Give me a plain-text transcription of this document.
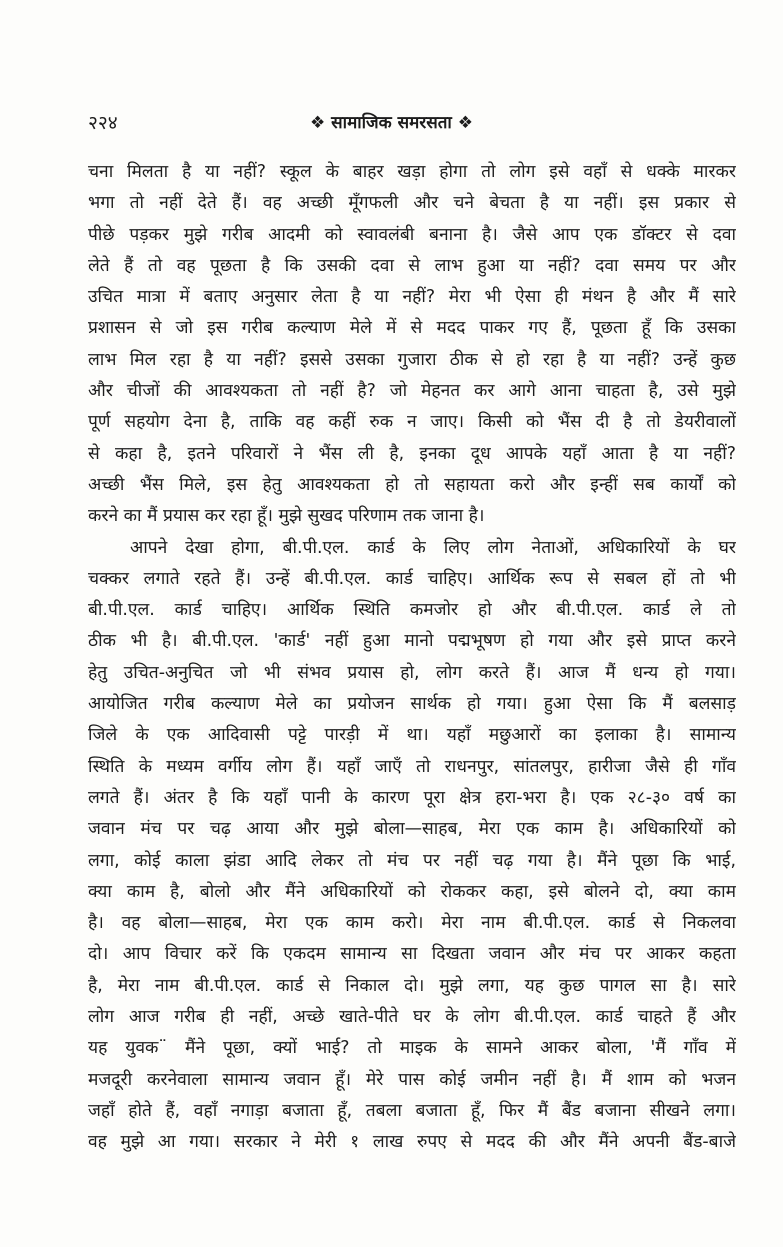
२२४	❖ सामाजिक समरसता ❖
चना मिलता है या नहीं? स्कूल के बाहर खड़ा होगा तो लोग इसे वहाँ से धक्के मारकर
भगा तो नहीं देते हैं। वह अच्छी मूँगफली और चने बेचता है या नहीं। इस प्रकार से
पीछे पड़कर मुझे गरीब आदमी को स्वावलंबी बनाना है। जैसे आप एक डॉक्टर से दवा
लेते हैं तो वह पूछता है कि उसकी दवा से लाभ हुआ या नहीं? दवा समय पर और
उचित मात्रा में बताए अनुसार लेता है या नहीं? मेरा भी ऐसा ही मंथन है और मैं सारे
प्रशासन से जो इस गरीब कल्याण मेले में से मदद पाकर गए हैं, पूछता हूँ कि उसका
लाभ मिल रहा है या नहीं? इससे उसका गुजारा ठीक से हो रहा है या नहीं? उन्हें कुछ
और चीजों की आवश्यकता तो नहीं है? जो मेहनत कर आगे आना चाहता है, उसे मुझे
पूर्ण सहयोग देना है, ताकि वह कहीं रुक न जाए। किसी को भैंस दी है तो डेयरीवालों
से कहा है, इतने परिवारों ने भैंस ली है, इनका दूध आपके यहाँ आता है या नहीं?
अच्छी भैंस मिले, इस हेतु आवश्यकता हो तो सहायता करो और इन्हीं सब कार्यों को
करने का मैं प्रयास कर रहा हूँ। मुझे सुखद परिणाम तक जाना है।
आपने देखा होगा, बी.पी.एल. कार्ड के लिए लोग नेताओं, अधिकारियों के घर
चक्कर लगाते रहते हैं। उन्हें बी.पी.एल. कार्ड चाहिए। आर्थिक रूप से सबल हों तो भी
बी.पी.एल. कार्ड चाहिए। आर्थिक स्थिति कमजोर हो और बी.पी.एल. कार्ड ले तो
ठीक भी है। बी.पी.एल. 'कार्ड' नहीं हुआ मानो पद्मभूषण हो गया और इसे प्राप्त करने
हेतु उचित-अनुचित जो भी संभव प्रयास हो, लोग करते हैं। आज मैं धन्य हो गया।
आयोजित गरीब कल्याण मेले का प्रयोजन सार्थक हो गया। हुआ ऐसा कि मैं बलसाड़
जिले के एक आदिवासी पट्टे पारड़ी में था। यहाँ मछुआरों का इलाका है। सामान्य
स्थिति के मध्यम वर्गीय लोग हैं। यहाँ जाएँ तो राधनपुर, सांतलपुर, हारीजा जैसे ही गाँव
लगते हैं। अंतर है कि यहाँ पानी के कारण पूरा क्षेत्र हरा-भरा है। एक २८-३० वर्ष का
जवान मंच पर चढ़ आया और मुझे बोला—साहब, मेरा एक काम है। अधिकारियों को
लगा, कोई काला झंडा आदि लेकर तो मंच पर नहीं चढ़ गया है। मैंने पूछा कि भाई,
क्या काम है, बोलो और मैंने अधिकारियों को रोककर कहा, इसे बोलने दो, क्या काम
है। वह बोला—साहब, मेरा एक काम करो। मेरा नाम बी.पी.एल. कार्ड से निकलवा
दो। आप विचार करें कि एकदम सामान्य सा दिखता जवान और मंच पर आकर कहता
है, मेरा नाम बी.पी.एल. कार्ड से निकाल दो। मुझे लगा, यह कुछ पागल सा है। सारे
लोग आज गरीब ही नहीं, अच्छे खाते-पीते घर के लोग बी.पी.एल. कार्ड चाहते हैं और
यह युवक¨ मैंने पूछा, क्यों भाई? तो माइक के सामने आकर बोला, 'मैं गाँव में
मजदूरी करनेवाला सामान्य जवान हूँ। मेरे पास कोई जमीन नहीं है। मैं शाम को भजन
जहाँ होते हैं, वहाँ नगाड़ा बजाता हूँ, तबला बजाता हूँ, फिर मैं बैंड बजाना सीखने लगा।
वह मुझे आ गया। सरकार ने मेरी १ लाख रुपए से मदद की और मैंने अपनी बैंड-बाजे
